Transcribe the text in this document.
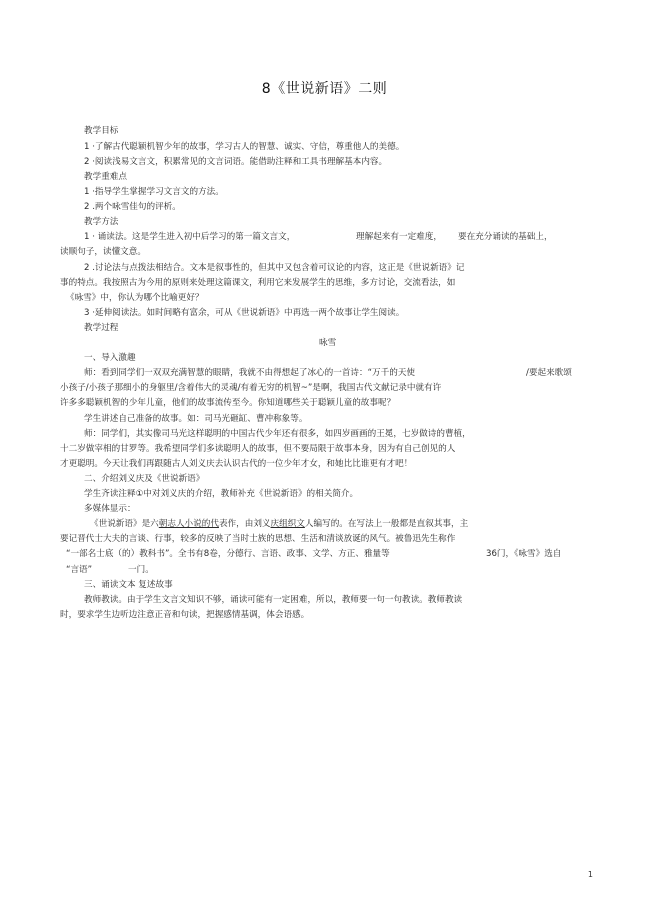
8《世说新语》二则
教学目标
1 ·了解古代聪颖机智少年的故事，学习古人的智慧、诚实、守信，尊重他人的美德。
2 ·阅读浅易文言文，积累常见的文言词语。能借助注释和工具书理解基本内容。
教学重难点
1 ·指导学生掌握学习文言文的方法。
2 .两个咏雪佳句的评析。
教学方法
1 · 诵读法。这是学生进入初中后学习的第一篇文言文，	理解起来有一定难度， 要在充分诵读的基础上，
读顺句子，读懂文意。
2 .讨论法与点拨法相结合。文本是叙事性的，但其中又包含着可议论的内容，这正是《世说新语》记
事的特点。我按照古为今用的原则来处理这篇课文，利用它来发展学生的思维，多方讨论，交流看法，如
《咏雪》中，你认为哪个比喻更好？
3 ·延伸阅读法。如时间略有富余，可从《世说新语》中再选一两个故事让学生阅读。
教学过程
咏雪
一、导入激趣
师：看到同学们一双双充满智慧的眼睛，我就不由得想起了冰心的一首诗：“万千的天使	/要起来歌颂
小孩子/小孩子那细小的身躯里/含着伟大的灵魂/有着无穷的机智~”是啊，我国古代文献记录中就有许
许多多聪颖机智的少年儿童，他们的故事流传至今。你知道哪些关于聪颖儿童的故事呢？
学生讲述自己准备的故事。如：司马光砸缸、曹冲称象等。
师：同学们，其实像司马光这样聪明的中国古代少年还有很多，如四岁画画的王冕，七岁做诗的曹植，
十二岁做宰相的甘罗等。我希望同学们多读聪明人的故事，但不要局限于故事本身，因为有自己创见的人
才更聪明。今天让我们再跟随古人刘义庆去认识古代的一位少年才女，和她比比谁更有才吧！
二、介绍刘义庆及《世说新语》
学生齐读注释①中对刘义庆的介绍，教师补充《世说新语》的相关简介。
多媒体显示：
《世说新语》是六朝志人小说的代表作，由刘义庆组织文人编写的。在写法上一般都是直叙其事，主
要记晋代士大夫的言谈、行事，较多的反映了当时士族的思想、生活和清谈放诞的风气。被鲁迅先生称作
“一部名士底（的）教科书”。全书有8卷，分德行、言语、政事、文学、方正、雅量等	36门，《咏雪》选自
“言语”	一门。
三、诵读文本 复述故事
教师教读。由于学生文言文知识不够，诵读可能有一定困难，所以，教师要一句一句教读。教师教读
时，要求学生边听边注意正音和句读，把握感情基调，体会语感。
1
